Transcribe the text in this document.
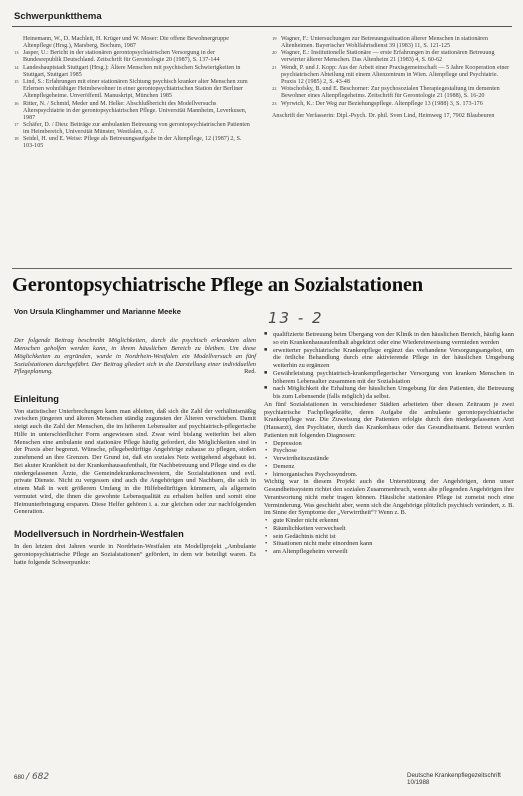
Schwerpunktthema
Heinemann, W., D. Machleit, H. Krüger und W. Moser: Die offene Bewohnergruppe Altenpflege (Hrsg.), Marsberg, Bochum, 1987
13 Jasper, U.: Bericht in der stationären gerontopsychiatrischen Versorgung in der Bundesrepublik Deutschland. Zeitschrift für Gerontologie 20 (1987), S. 137-144
14 Landeshauptstadt Stuttgart (Hrsg.): Ältere Menschen mit psychischen Schwierigkeiten in Stuttgart, Stuttgart 1985
15 Lind, S.: Erfahrungen mit einer stationären Sichtung psychisch kranker alter Menschen zum Erlernen wohnfähiger Heimbewohner in einer gerontopsychiatrischen Station der Berliner Altenpflegeheime. Unveröffentl. Manuskript, München 1985
16 Ritter, N. / Schmid, Meder und M. Helke: Abschlußbericht des Modellversuchs Alterspsychiatrie in der gerontopsychiatrischen Pflege. Universität Mannheim, Leverkusen, 1987
17 Schäfer, D. / Dieu: Beiträge zur ambulanten Betreuung von gerontopsychiatrischen Patienten im Heimbereich, Universität Münster, Westfalen, o. J.
18 Seidel, H. und E. Weise: Pflege als Betreuungsaufgabe in der Altenpflege, 12 (1987) 2, S. 103-105
19 Wagner, F.: Untersuchungen zur Betreuungssituation älterer Menschen in stationären Altenheimen. Bayerischer Wohlfahrtsdienst 39 (1983) 11, S. 121-125
20 Wagner, E.: Institutionelle Stationäre — erste Erfahrungen in der stationären Betreuung verwirrter älterer Menschen. Das Altenheim 21 (1983) 4, S. 60-62
21 Wendt, P. und J. Kopp: Aus der Arbeit einer Praxisgemeinschaft — 5 Jahre Kooperation einer psychiatrischen Abteilung mit einem Altenzentrum in Wien. Altenpflege und Psychiatrie. Praxis 12 (1985) 2, S. 43-48
22 Wotschofsky, B. und E. Beschorner: Zur psychosozialen Therapiegestaltung im dementen Bewohner eines Altenpflegeheims. Zeitschrift für Gerontologie 21 (1988), S. 16-20
23 Wyrwich, K.: Der Weg zur Beziehungspflege. Altenpflege 13 (1988) 3, S. 173-176
Anschrift der Verfasserin: Dipl.-Psych. Dr. phil. Sven Lind, Heimweg 17, 7902 Blaubeuren
Gerontopsychiatrische Pflege an Sozialstationen
Von Ursula Klinghammer und Marianne Meeke	13 - 2

Der folgende Beitrag beschreibt Möglichkeiten, durch die psychisch erkrankten alten Menschen geholfen werden kann, in ihrem häuslichen Bereich zu bleiben. Um diese Möglichkeiten zu ergründen, wurde in Nordrhein-Westfalen ein Modellversuch an fünf Sozialstationen durchgeführt. Der Beitrag gliedert sich in die Darstellung einer individuellen Pflegeplanung.	Red.

Einleitung

Von statistischer Unterbrechungen kann man ableiten, daß sich die Zahl der verhältnismäßig zwischen jüngeren und älteren Menschen ständig zugunsten der Älteren verschieben. Damit steigt auch die Zahl der Menschen, die im höheren Lebensalter auf psychiatrisch-pflegerische Hilfe in unterschiedlicher Form angewiesen sind. Zwar wird bislang weiterhin bei alten Menschen eine ambulante und stationäre Pflege häufig gefordert, die Möglichkeiten sind in der Praxis aber begrenzt. Wünsche, pflegebedürftige Angehörige zuhause zu pflegen, stoßen zunehmend an ihre Grenzen. Der Grund ist, daß ein soziales Netz weitgehend abgebaut ist. Bei akuter Krankheit ist der Krankenhausaufenthalt, für Nachbetreuung und Pflege sind es die niedergelassenen Ärzte, die Gemeindekrankenschwestern, die Sozialstationen und evtl. private Dienste. Nicht zu vergessen sind auch die Angehörigen und Nachbarn, die sich in einem Maß in weit größerem Umfang in die Hilfebedürftigen kümmern, als allgemein vermutet wird, die ihnen die gewohnte Lebensqualität zu erhalten helfen und somit eine Heimunterbringung ersparen. Diese Helfer gehören i. a. zur gleichen oder zur nachfolgenden Generation.

Modellversuch in Nordrhein-Westfalen

In den letzten drei Jahren wurde in Nordrhein-Westfalen ein Modellprojekt „Ambulante gerontopsychiatrische Pflege an Sozialstationen“ gefördert, in dem wir beteiligt waren. Es hatte folgende Schwerpunkte:

■ qualifizierte Betreuung beim Übergang von der Klinik in den häuslichen Bereich, häufig kann so ein Krankenhausaufenthalt abgekürzt oder eine Wiedereinweisung vermieden werden
■ erweiterter psychiatrische Krankenpflege ergänzt das vorhandene Versorgungsangebot, um die örtliche Behandlung durch eine aktivierende Pflege in der häuslichen Umgebung weiterhin zu ergänzen
■ Gewährleistung psychiatrisch-krankenpflegerischer Versorgung von kranken Menschen in höherem Lebensalter zusammen mit der Sozialstation
■ nach Möglichkeit die Erhaltung der häuslichen Umgebung für den Patienten, die Betreuung bis zum Lebensende (falls möglich) da selbst.

An fünf Sozialstationen in verschiedener Städten arbeiteten über diesen Zeitraum je zwei psychiatrische Fachpflegekräfte, deren Aufgabe die ambulante gerontopsychiatrische Krankenpflege war. Die Zuweisung der Patienten erfolgte durch den niedergelassenen Arzt (Hausarzt), den Psychiater, durch das Krankenhaus oder das Gesundheitsamt. Betreut wurden Patienten mit folgenden Diagnosen:

• Depression
• Psychose
• Verwirrtheitszustände
• Demenz
• hirnorganisches Psychosyndrom.

Wichtig war in diesem Projekt auch die Unterstützung der Angehörigen, denn unser Gesundheitssystem richtet den sozialen Zusammenbruch, wenn alte pflegenden Angehörigen ihre Verantwortung nicht mehr tragen können. Häusliche stationäre Pflege ist zumeist noch eine Verminderung. Was geschieht aber, wenn sich die Angehörige plötzlich psychisch verändert, z. B. im Sinne der Symptome der „Verwirrtheit“? Wenn z. B.

• gute Kinder nicht erkennt
• Räumlichkeiten verwechselt
• sein Gedächtnis nicht ist
• Situationen nicht mehr einordnen kann
• am Altenpflegeheim verweilt
680 / 682	Deutsche Krankenpflegezeitschrift 10/1988
